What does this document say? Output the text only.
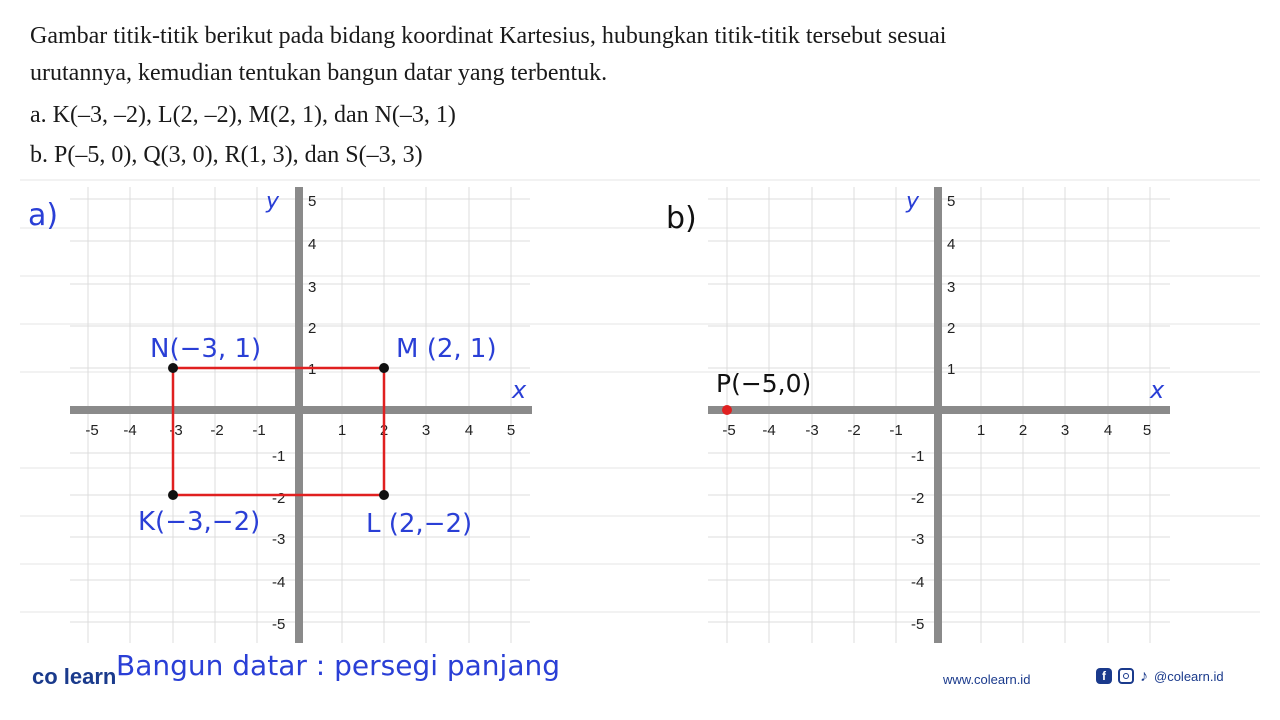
Gambar titik-titik berikut pada bidang koordinat Kartesius, hubungkan titik-titik tersebut sesuai
urutannya, kemudian tentukan bangun datar yang terbentuk.
a. K(–3, –2), L(2, –2), M(2, 1), dan N(–3, 1)
b. P(–5, 0), Q(3, 0), R(1, 3), dan S(–3, 3)
-5 -4 -3 -2 -1	1 2 3 4 5
5
4
3
2
1
-1
-2
-3
-4
-5
a)	y
x
N(−3, 1)	M (2, 1)
K(−3,−2)	L (2,−2)
-5 -4 -3 -2 -1	1 2 3 4 5
5
4
3
2
1
-1
-2
-3
-4
-5
b)	y
x
P(−5,0)
Bangun datar : persegi panjang
co learn	www.colearn.id	f	♪ @colearn.id
